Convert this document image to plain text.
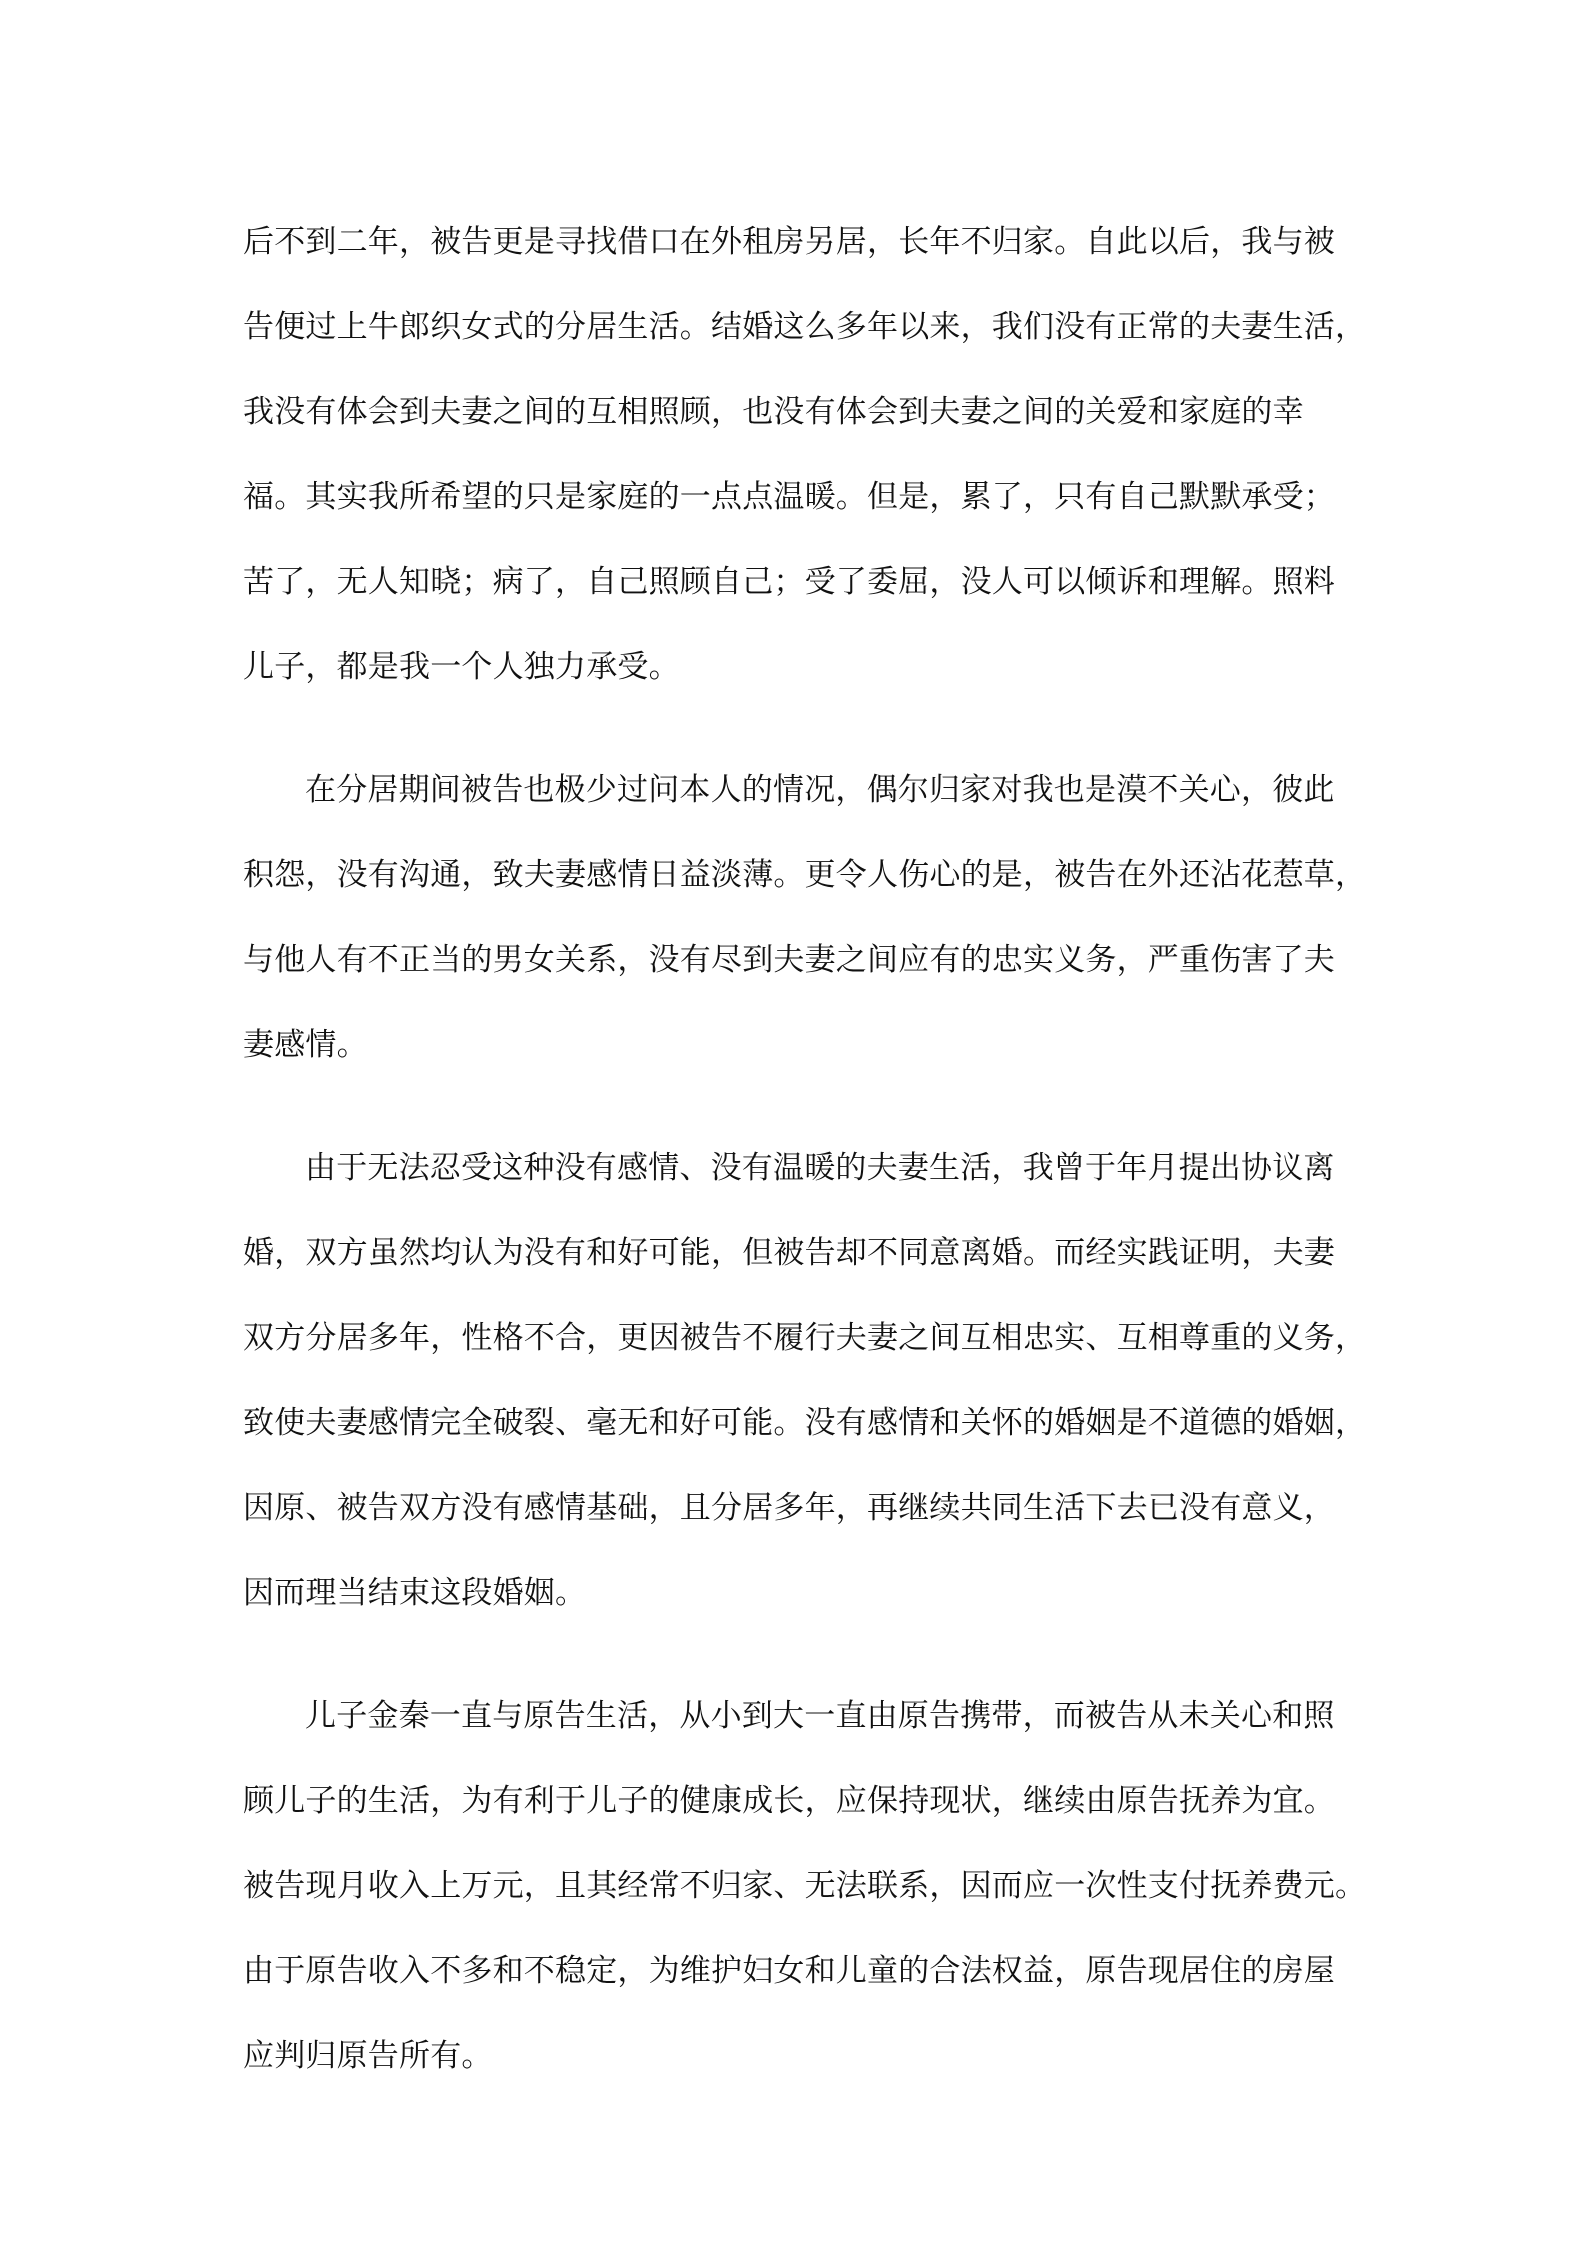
后不到二年，被告更是寻找借口在外租房另居，长年不归家。自此以后，我与被
告便过上牛郎织女式的分居生活。结婚这么多年以来，我们没有正常的夫妻生活，
我没有体会到夫妻之间的互相照顾，也没有体会到夫妻之间的关爱和家庭的幸
福。其实我所希望的只是家庭的一点点温暖。但是，累了，只有自己默默承受；
苦了，无人知晓；病了，自己照顾自己；受了委屈，没人可以倾诉和理解。照料
儿子，都是我一个人独力承受。
在分居期间被告也极少过问本人的情况，偶尔归家对我也是漠不关心，彼此
积怨，没有沟通，致夫妻感情日益淡薄。更令人伤心的是，被告在外还沾花惹草，
与他人有不正当的男女关系，没有尽到夫妻之间应有的忠实义务，严重伤害了夫
妻感情。
由于无法忍受这种没有感情、没有温暖的夫妻生活，我曾于年月提出协议离
婚，双方虽然均认为没有和好可能，但被告却不同意离婚。而经实践证明，夫妻
双方分居多年，性格不合，更因被告不履行夫妻之间互相忠实、互相尊重的义务，
致使夫妻感情完全破裂、毫无和好可能。没有感情和关怀的婚姻是不道德的婚姻，
因原、被告双方没有感情基础，且分居多年，再继续共同生活下去已没有意义，
因而理当结束这段婚姻。
儿子金秦一直与原告生活，从小到大一直由原告携带，而被告从未关心和照
顾儿子的生活，为有利于儿子的健康成长，应保持现状，继续由原告抚养为宜。
被告现月收入上万元，且其经常不归家、无法联系，因而应一次性支付抚养费元。
由于原告收入不多和不稳定，为维护妇女和儿童的合法权益，原告现居住的房屋
应判归原告所有。
